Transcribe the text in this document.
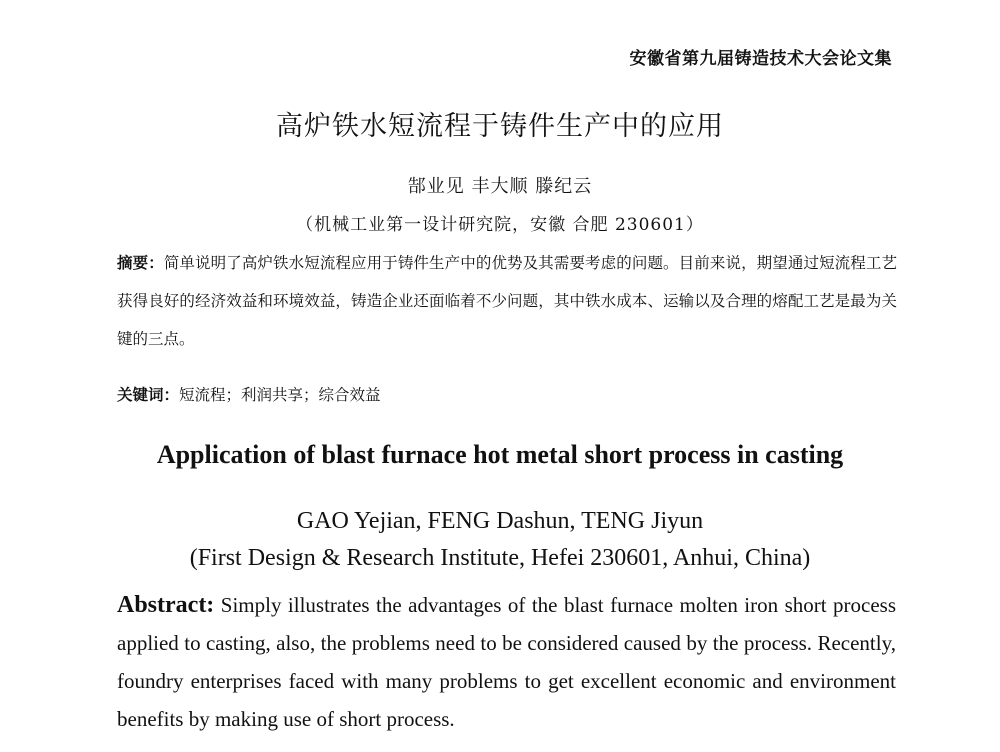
安徽省第九届铸造技术大会论文集
高炉铁水短流程于铸件生产中的应用
郜业见 丰大顺 滕纪云
（机械工业第一设计研究院，安徽 合肥 230601）
摘要：简单说明了高炉铁水短流程应用于铸件生产中的优势及其需要考虑的问题。目前来说，期望通过短流程工艺获得良好的经济效益和环境效益，铸造企业还面临着不少问题，其中铁水成本、运输以及合理的熔配工艺是最为关键的三点。
关键词：短流程；利润共享；综合效益
Application of blast furnace hot metal short process in casting
GAO Yejian, FENG Dashun, TENG Jiyun
(First Design & Research Institute, Hefei 230601, Anhui, China)
Abstract: Simply illustrates the advantages of the blast furnace molten iron short process applied to casting, also, the problems need to be considered caused by the process. Recently, foundry enterprises faced with many problems to get excellent economic and environment benefits by making use of short process.
